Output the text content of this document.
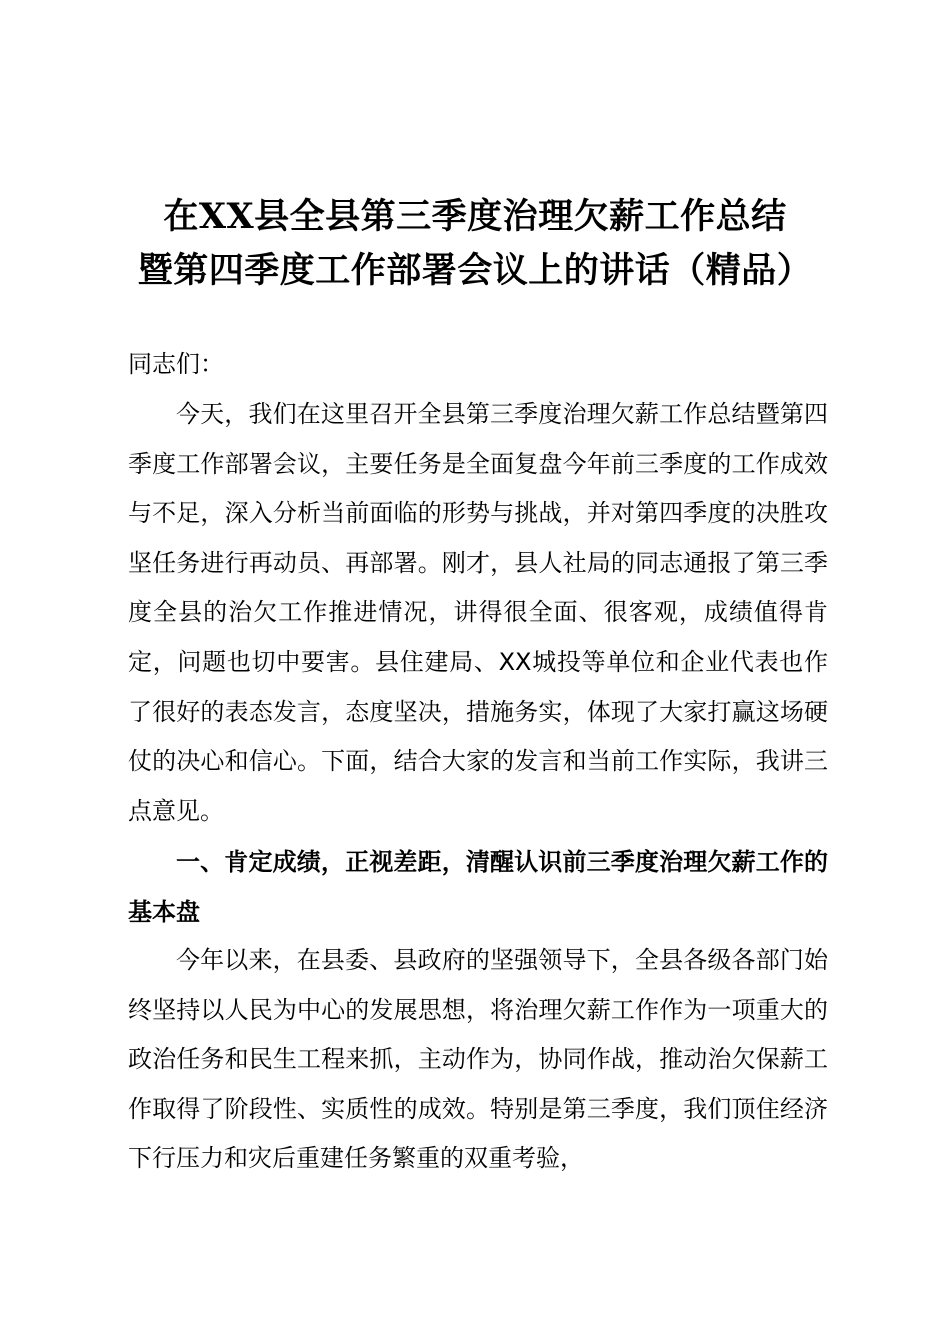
在XX县全县第三季度治理欠薪工作总结
暨第四季度工作部署会议上的讲话（精品）

同志们：

今天，我们在这里召开全县第三季度治理欠薪工作总结暨第四季度工作部署会议，主要任务是全面复盘今年前三季度的工作成效与不足，深入分析当前面临的形势与挑战，并对第四季度的决胜攻坚任务进行再动员、再部署。刚才，县人社局的同志通报了第三季度全县的治欠工作推进情况，讲得很全面、很客观，成绩值得肯定，问题也切中要害。县住建局、XX城投等单位和企业代表也作了很好的表态发言，态度坚决，措施务实，体现了大家打赢这场硬仗的决心和信心。下面，结合大家的发言和当前工作实际，我讲三点意见。

一、肯定成绩，正视差距，清醒认识前三季度治理欠薪工作的基本盘

今年以来，在县委、县政府的坚强领导下，全县各级各部门始终坚持以人民为中心的发展思想，将治理欠薪工作作为一项重大的政治任务和民生工程来抓，主动作为，协同作战，推动治欠保薪工作取得了阶段性、实质性的成效。特别是第三季度，我们顶住经济下行压力和灾后重建任务繁重的双重考验，
